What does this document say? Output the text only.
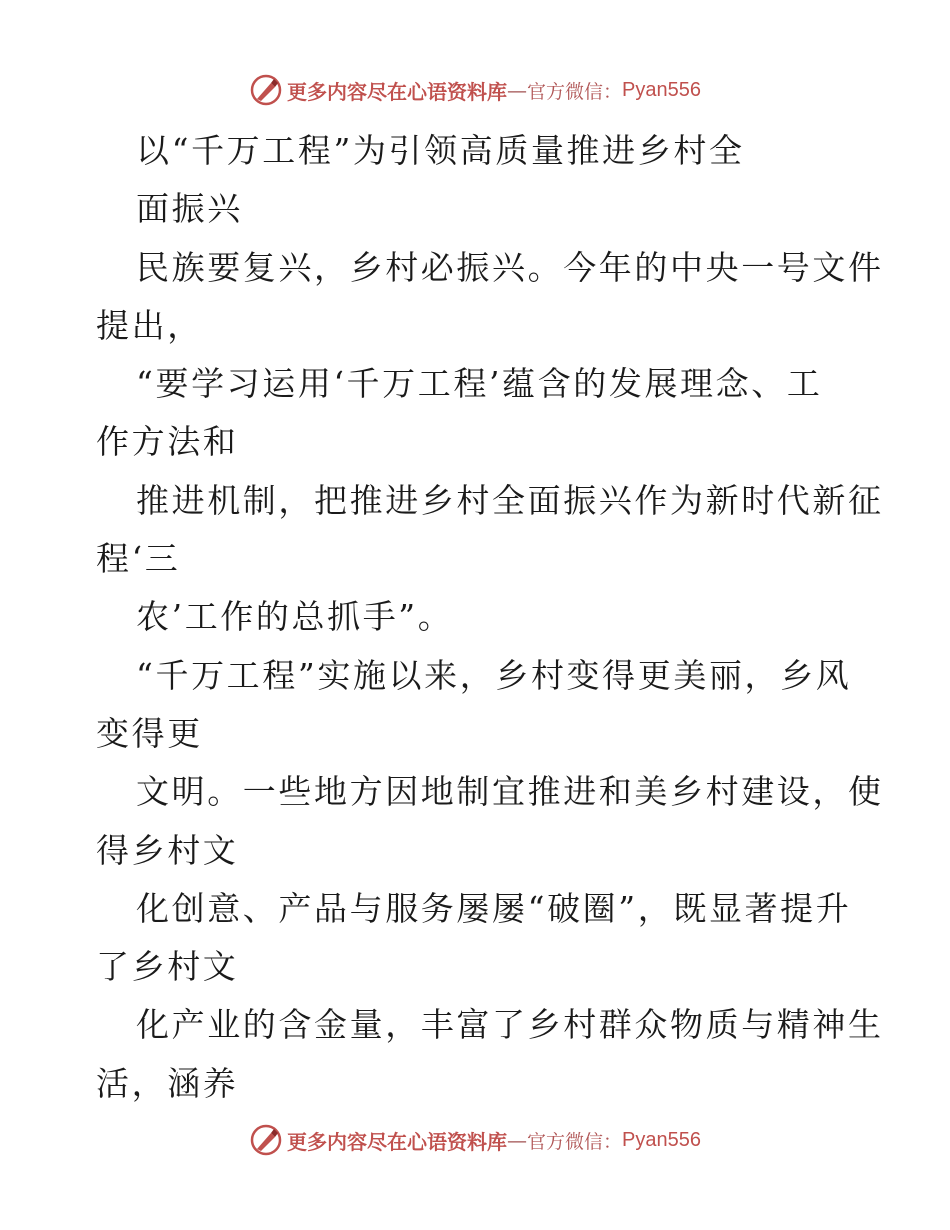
更多内容尽在心语资料库 — 官方微信： Pyan556
以“千万工程”为引领高质量推进乡村全
面振兴
民族要复兴，乡村必振兴。今年的中央一号文件
提出，
“要学习运用‘千万工程’蕴含的发展理念、工
作方法和
推进机制，把推进乡村全面振兴作为新时代新征
程‘三
农’工作的总抓手”。
“千万工程”实施以来，乡村变得更美丽，乡风
变得更
文明。一些地方因地制宜推进和美乡村建设，使
得乡村文
化创意、产品与服务屡屡“破圈”，既显著提升
了乡村文
化产业的含金量，丰富了乡村群众物质与精神生
活，涵养
更多内容尽在心语资料库 — 官方微信： Pyan556
